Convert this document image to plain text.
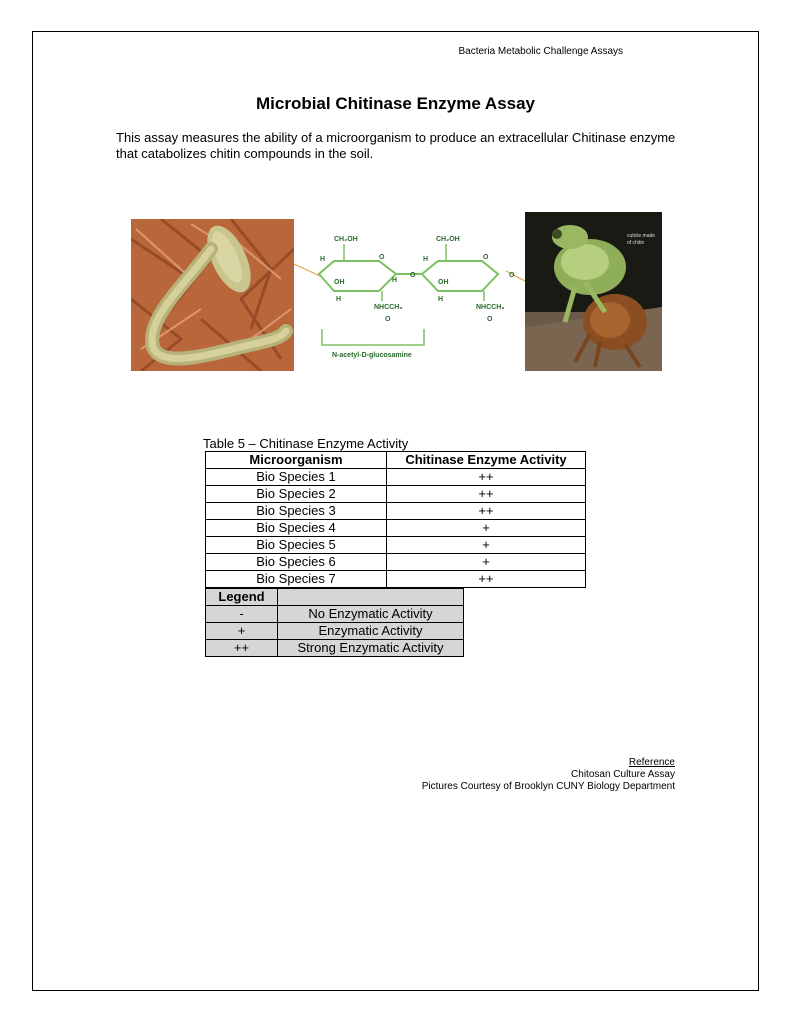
Bacteria Metabolic Challenge Assays
Microbial Chitinase Enzyme Assay
This assay measures the ability of a microorganism to produce an extracellular Chitinase enzyme that catabolizes chitin compounds in the soil.
CH₂OH	CH₂OH
O	O
O	O
OH	OH
H
H
H
H
H
NHCCH₃	NHCCH₃
O	O
N-acetyl-D-glucosamine
cuticle made
of chitin
Table 5 – Chitinase Enzyme Activity
Microorganism	Chitinase Enzyme Activity
Bio Species 1	++
Bio Species 2	++
Bio Species 3	++
Bio Species 4	+
Bio Species 5	+
Bio Species 6	+
Bio Species 7	++
Legend	
-	No Enzymatic Activity
+	Enzymatic Activity
++	Strong Enzymatic Activity
Reference
Chitosan Culture Assay
Pictures Courtesy of Brooklyn CUNY Biology Department
